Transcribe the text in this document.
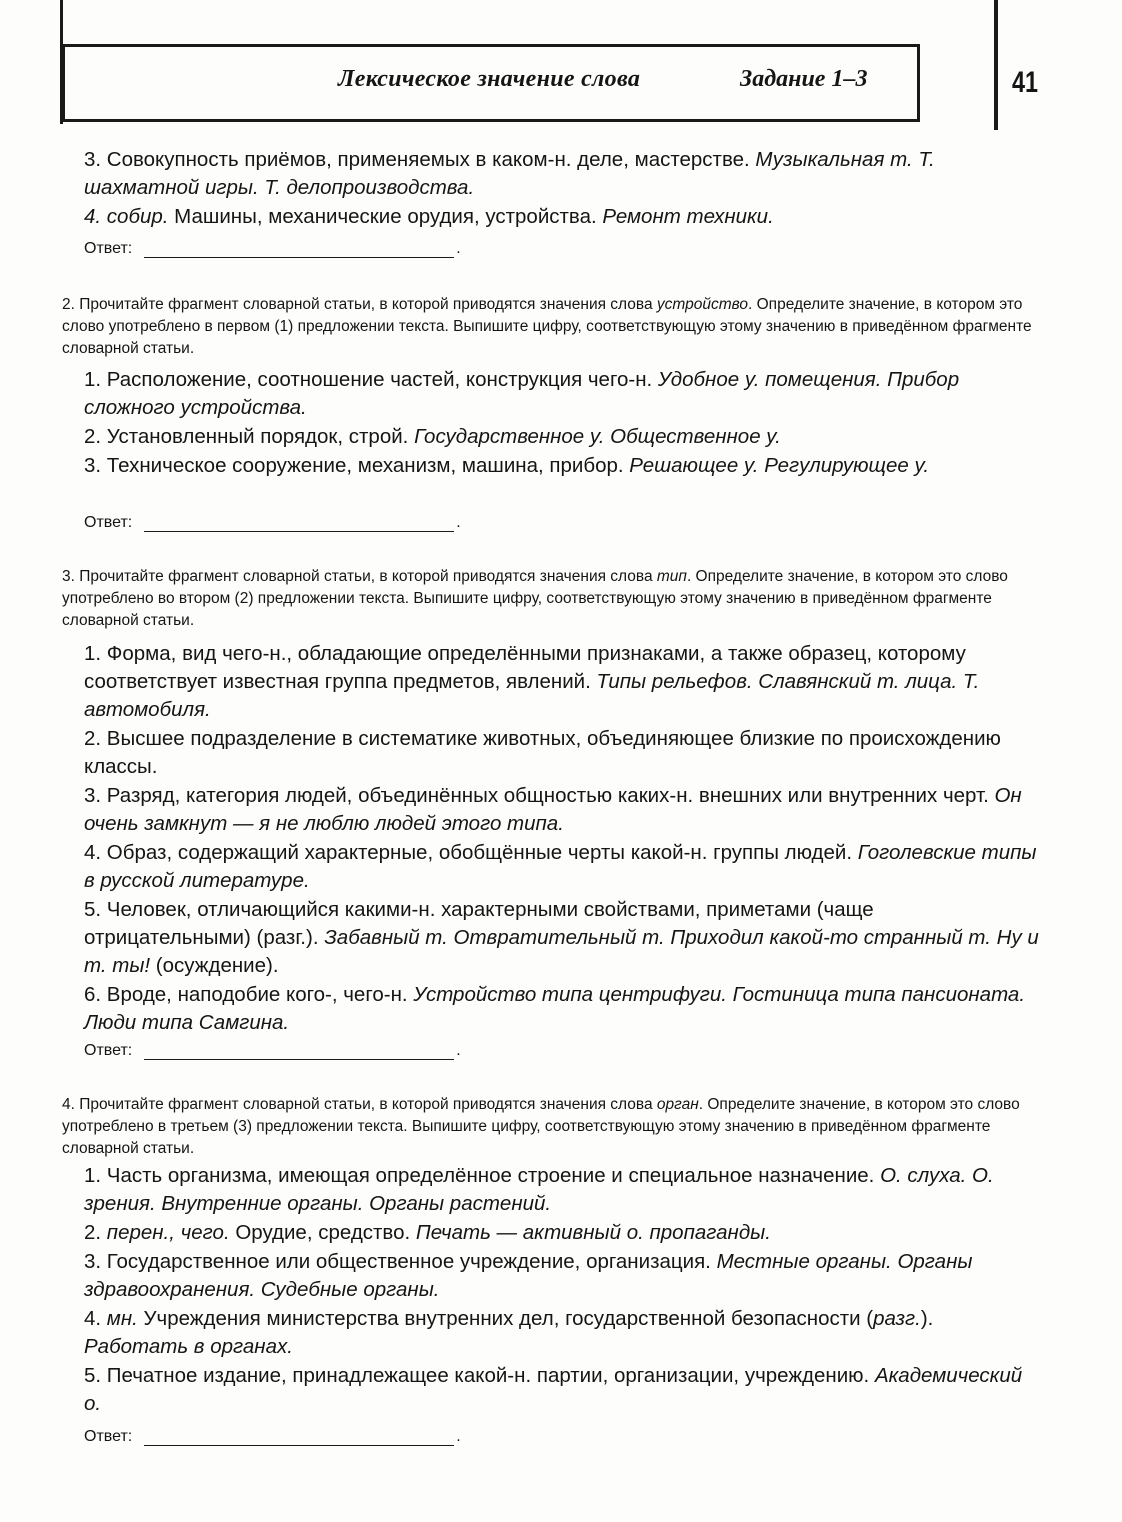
Лексическое значение слова	Задание 1–3	41

3. Совокупность приёмов, применяемых в каком-н. деле, мастерстве. Музыкальная т. Т. шахматной игры. Т. делопроизводства.

4. собир. Машины, механические орудия, устройства. Ремонт техники.

Ответ:	.
2. Прочитайте фрагмент словарной статьи, в которой приводятся значения слова устройство. Определите значение, в котором это слово употреблено в первом (1) предложении текста. Выпишите цифру, соответствующую этому значению в приведённом фрагменте словарной статьи.

1. Расположение, соотношение частей, конструкция чего-н. Удобное у. помещения. Прибор сложного устройства.

2. Установленный порядок, строй. Государственное у. Общественное у.

3. Техническое сооружение, механизм, машина, прибор. Решающее у. Регулирующее у.

Ответ:	.
3. Прочитайте фрагмент словарной статьи, в которой приводятся значения слова тип. Определите значение, в котором это слово употреблено во втором (2) предложении текста. Выпишите цифру, соответствующую этому значению в приведённом фрагменте словарной статьи.

1. Форма, вид чего-н., обладающие определёнными признаками, а также образец, которому соответствует известная группа предметов, явлений. Типы рельефов. Славянский т. лица. Т. автомобиля.

2. Высшее подразделение в систематике животных, объединяющее близкие по происхождению классы.

3. Разряд, категория людей, объединённых общностью каких-н. внешних или внутренних черт. Он очень замкнут — я не люблю людей этого типа.

4. Образ, содержащий характерные, обобщённые черты какой-н. группы людей. Гоголевские типы в русской литературе.

5. Человек, отличающийся какими-н. характерными свойствами, приметами (чаще отрицательными) (разг.). Забавный т. Отвратительный т. Приходил какой-то странный т. Ну и т. ты! (осуждение).

6. Вроде, наподобие кого-, чего-н. Устройство типа центрифуги. Гостиница типа пансионата. Люди типа Самгина.

Ответ:	.
4. Прочитайте фрагмент словарной статьи, в которой приводятся значения слова орган. Определите значение, в котором это слово употреблено в третьем (3) предложении текста. Выпишите цифру, соответствующую этому значению в приведённом фрагменте словарной статьи.

1. Часть организма, имеющая определённое строение и специальное назначение. О. слуха. О. зрения. Внутренние органы. Органы растений.

2. перен., чего. Орудие, средство. Печать — активный о. пропаганды.

3. Государственное или общественное учреждение, организация. Местные органы. Органы здравоохранения. Судебные органы.

4. мн. Учреждения министерства внутренних дел, государственной безопасности (разг.). Работать в органах.

5. Печатное издание, принадлежащее какой-н. партии, организации, учреждению. Академический о.

Ответ:	.
